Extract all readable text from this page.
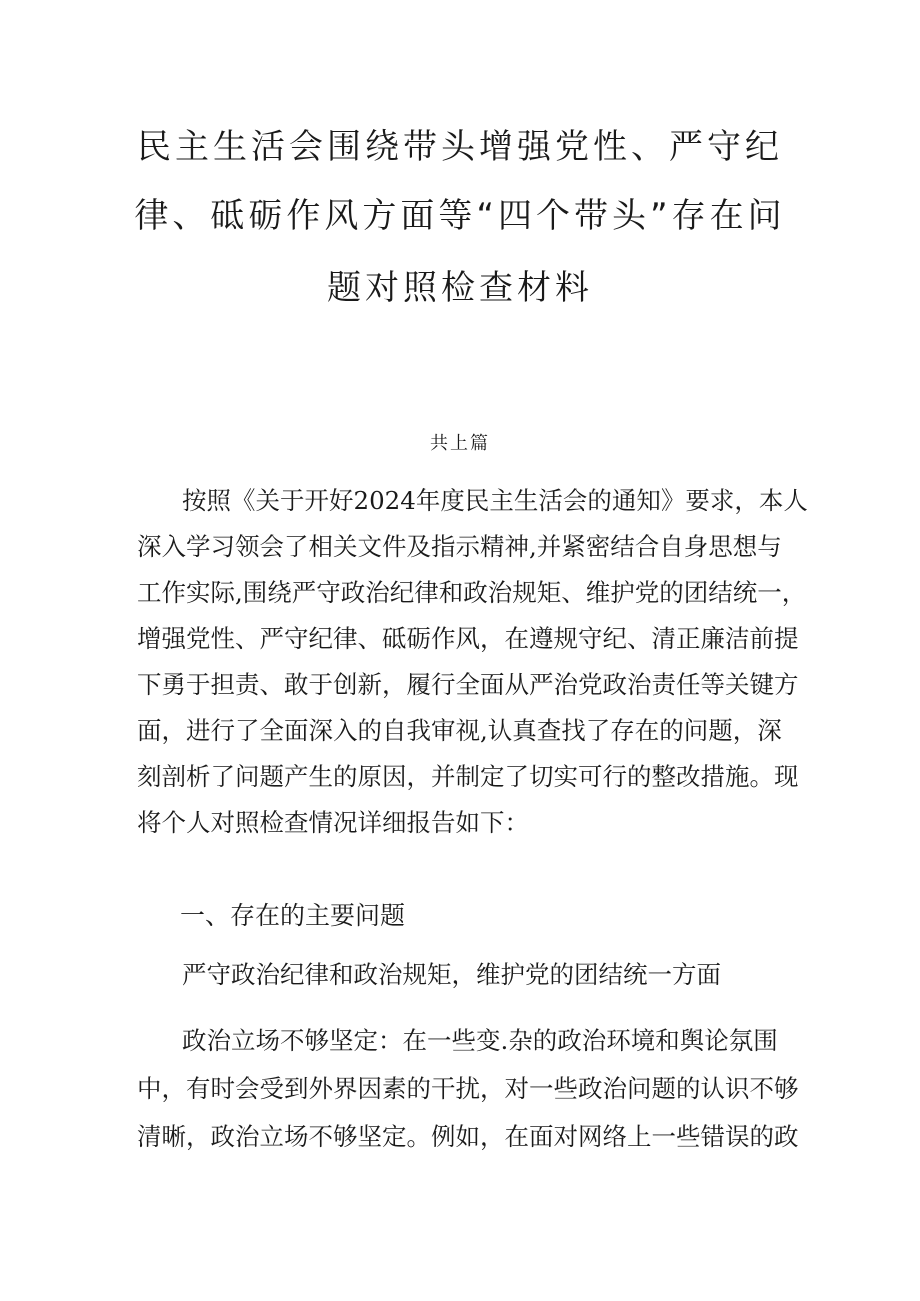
民主生活会围绕带头增强党性、严守纪
律、砥砺作风方面等“四个带头”存在问
题对照检查材料
共上篇
按照《关于开好2024年度民主生活会的通知》要求，本人
深入学习领会了相关文件及指示精神,并紧密结合自身思想与
工作实际,围绕严守政治纪律和政治规矩、维护党的团结统一，
增强党性、严守纪律、砥砺作风，在遵规守纪、清正廉洁前提
下勇于担责、敢于创新，履行全面从严治党政治责任等关键方
面，进行了全面深入的自我审视,认真查找了存在的问题，深
刻剖析了问题产生的原因，并制定了切实可行的整改措施。现
将个人对照检查情况详细报告如下：
一、存在的主要问题
严守政治纪律和政治规矩，维护党的团结统一方面
政治立场不够坚定：在一些变.杂的政治环境和舆论氛围
中，有时会受到外界因素的干扰，对一些政治问题的认识不够
清晰，政治立场不够坚定。例如，在面对网络上一些错误的政
